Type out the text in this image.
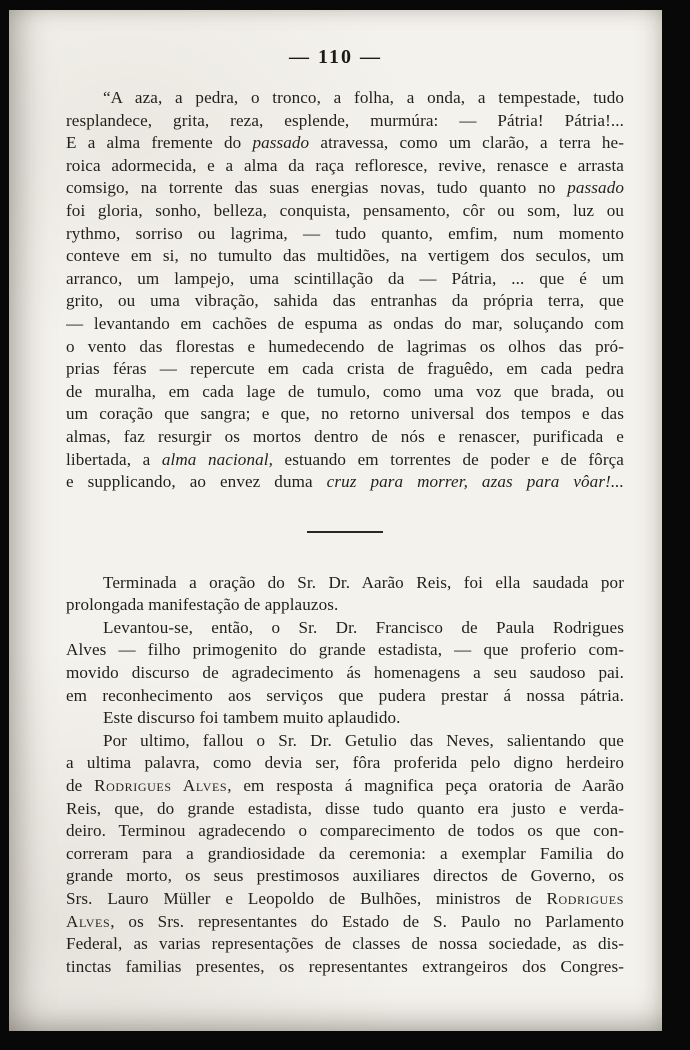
— 110 —
“A aza, a pedra, o tronco, a folha, a onda, a tempestade, tudo
resplandece, grita, reza, esplende, murmúra: — Pátria! Pátria!...
E a alma fremente do passado atravessa, como um clarão, a terra he-
roica adormecida, e a alma da raça refloresce, revive, renasce e arrasta
comsigo, na torrente das suas energias novas, tudo quanto no passado
foi gloria, sonho, belleza, conquista, pensamento, côr ou som, luz ou
rythmo, sorriso ou lagrima, — tudo quanto, emfim, num momento
conteve em si, no tumulto das multidões, na vertigem dos seculos, um
arranco, um lampejo, uma scintillação da — Pátria, ... que é um
grito, ou uma vibração, sahida das entranhas da própria terra, que
— levantando em cachões de espuma as ondas do mar, soluçando com
o vento das florestas e humedecendo de lagrimas os olhos das pró-
prias féras — repercute em cada crista de fraguêdo, em cada pedra
de muralha, em cada lage de tumulo, como uma voz que brada, ou
um coração que sangra; e que, no retorno universal dos tempos e das
almas, faz resurgir os mortos dentro de nós e renascer, purificada e
libertada, a alma nacional, estuando em torrentes de poder e de fôrça
e supplicando, ao envez duma cruz para morrer, azas para vôar!...
Terminada a oração do Sr. Dr. Aarão Reis, foi ella saudada por
prolongada manifestação de applauzos.
Levantou-se, então, o Sr. Dr. Francisco de Paula Rodrigues
Alves — filho primogenito do grande estadista, — que proferio com-
movido discurso de agradecimento ás homenagens a seu saudoso pai.
em reconhecimento aos serviços que pudera prestar á nossa pátria.
Este discurso foi tambem muito aplaudido.
Por ultimo, fallou o Sr. Dr. Getulio das Neves, salientando que
a ultima palavra, como devia ser, fôra proferida pelo digno herdeiro
de Rodrigues Alves, em resposta á magnifica peça oratoria de Aarão
Reis, que, do grande estadista, disse tudo quanto era justo e verda-
deiro. Terminou agradecendo o comparecimento de todos os que con-
correram para a grandiosidade da ceremonia: a exemplar Familia do
grande morto, os seus prestimosos auxiliares directos de Governo, os
Srs. Lauro Müller e Leopoldo de Bulhões, ministros de Rodrigues
Alves, os Srs. representantes do Estado de S. Paulo no Parlamento
Federal, as varias representações de classes de nossa sociedade, as dis-
tinctas familias presentes, os representantes extrangeiros dos Congres-
